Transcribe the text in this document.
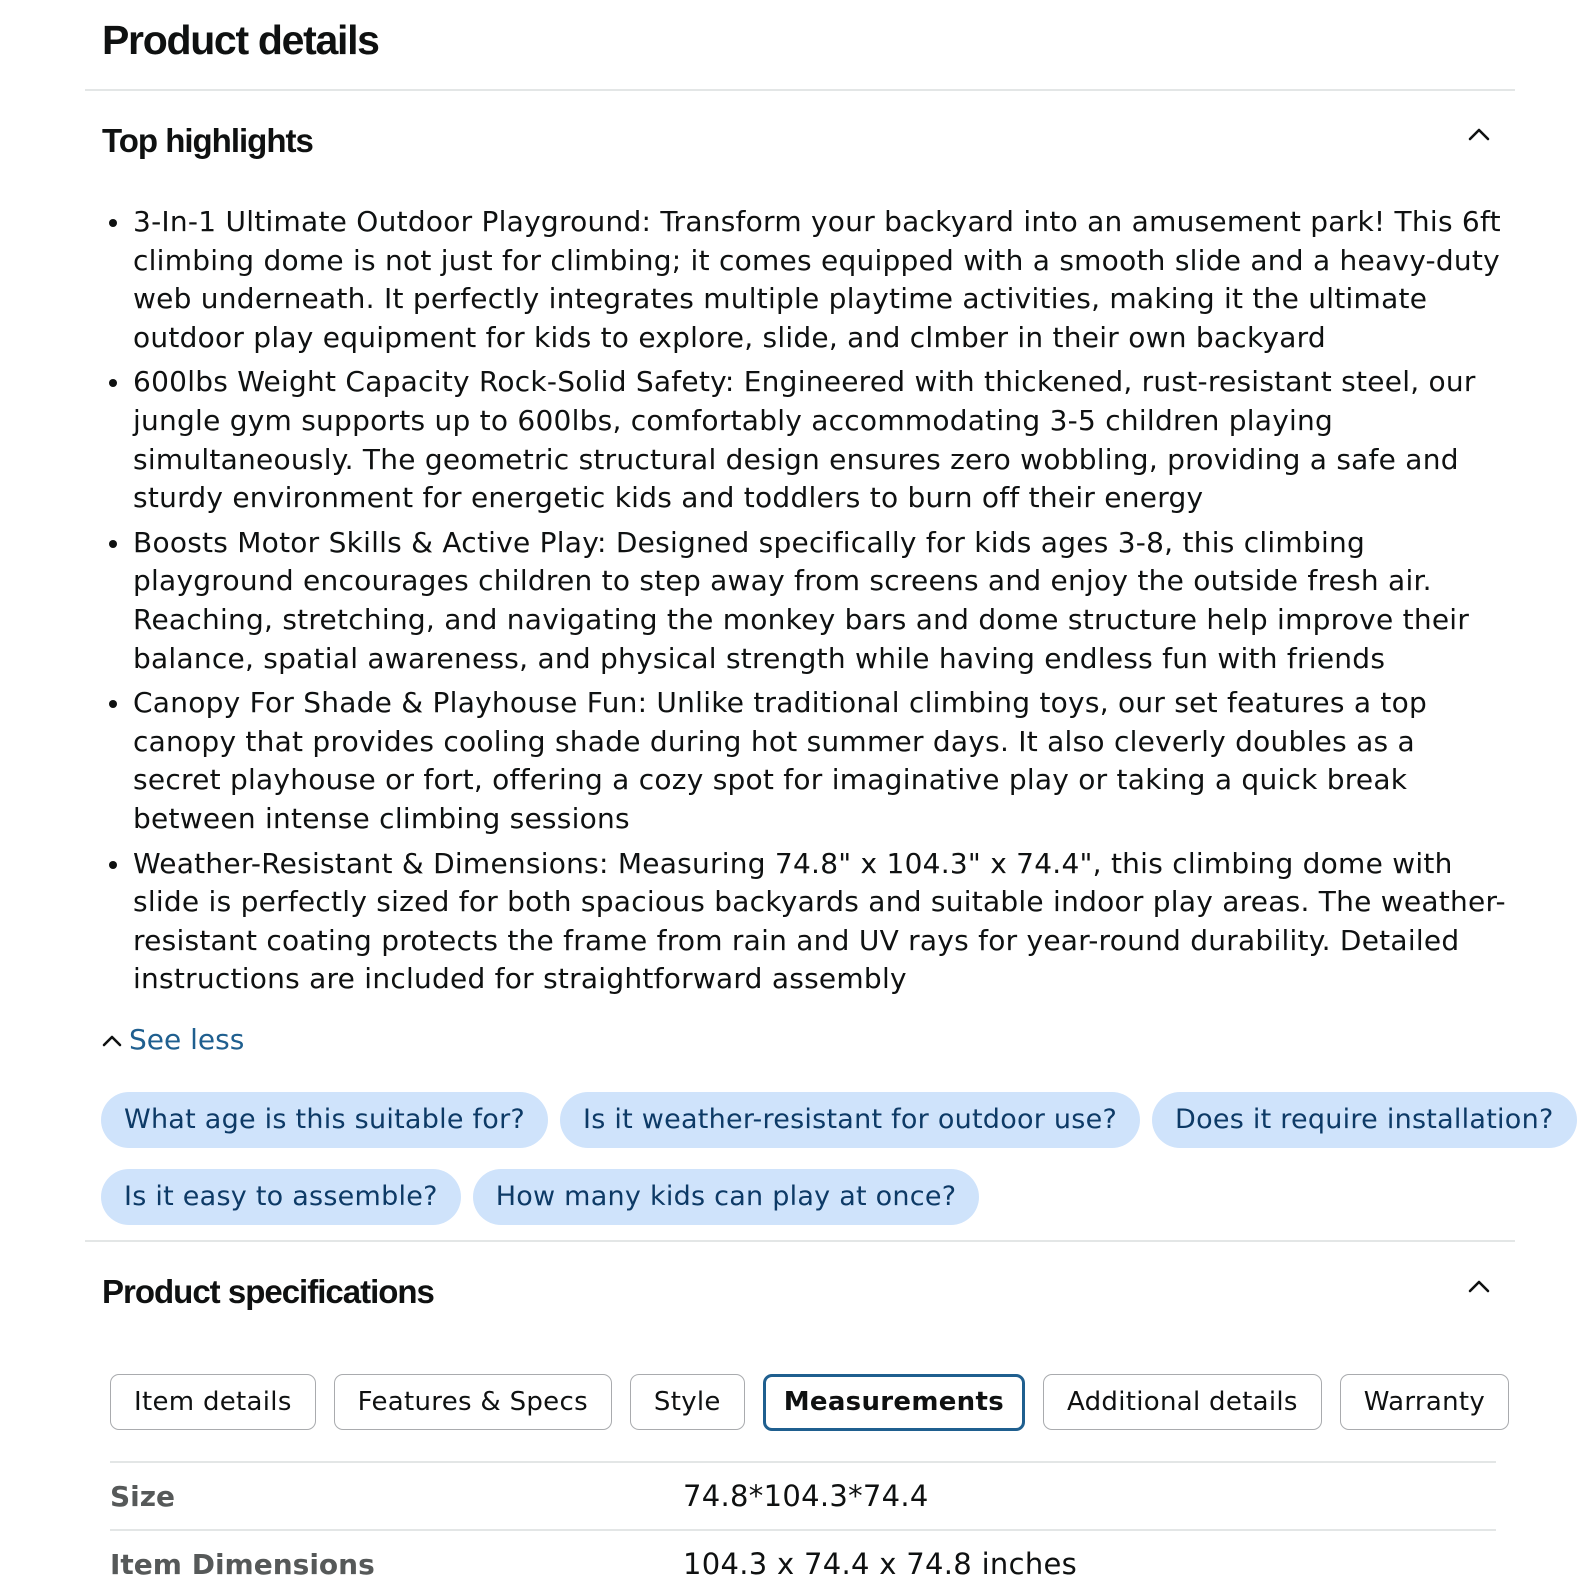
Product details
Top highlights
3-In-1 Ultimate Outdoor Playground: Transform your backyard into an amusement park! This 6ft climbing dome is not just for climbing; it comes equipped with a smooth slide and a heavy-duty web underneath. It perfectly integrates multiple playtime activities, making it the ultimate outdoor play equipment for kids to explore, slide, and clmber in their own backyard
600lbs Weight Capacity Rock-Solid Safety: Engineered with thickened, rust-resistant steel, our jungle gym supports up to 600lbs, comfortably accommodating 3-5 children playing simultaneously. The geometric structural design ensures zero wobbling, providing a safe and sturdy environment for energetic kids and toddlers to burn off their energy
Boosts Motor Skills & Active Play: Designed specifically for kids ages 3-8, this climbing playground encourages children to step away from screens and enjoy the outside fresh air. Reaching, stretching, and navigating the monkey bars and dome structure help improve their balance, spatial awareness, and physical strength while having endless fun with friends
Canopy For Shade & Playhouse Fun: Unlike traditional climbing toys, our set features a top canopy that provides cooling shade during hot summer days. It also cleverly doubles as a secret playhouse or fort, offering a cozy spot for imaginative play or taking a quick break between intense climbing sessions
Weather-Resistant & Dimensions: Measuring 74.8" x 104.3" x 74.4", this climbing dome with slide is perfectly sized for both spacious backyards and suitable indoor play areas. The weather-resistant coating protects the frame from rain and UV rays for year-round durability. Detailed instructions are included for straightforward assembly
See less
What age is this suitable for?	Is it weather-resistant for outdoor use?	Does it require installation?
Is it easy to assemble?	How many kids can play at once?
Product specifications
Item details	Features & Specs	Style	Measurements	Additional details	Warranty
Size	74.8*104.3*74.4
Item Dimensions	104.3 x 74.4 x 74.8 inches
